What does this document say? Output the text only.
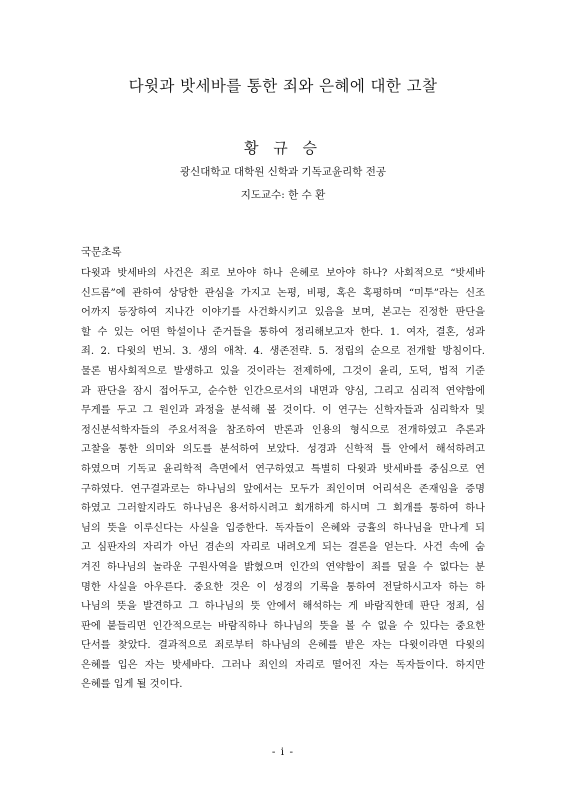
다윗과 밧세바를 통한 죄와 은혜에 대한 고찰
황 규 승
광신대학교 대학원 신학과 기독교윤리학 전공
지도교수: 한 수 환
국문초록
다윗과 밧세바의 사건은 죄로 보아야 하나 은혜로 보아야 하나? 사회적으로 “밧세바
신드롬”에 관하여 상당한 관심을 가지고 논평, 비평, 혹은 혹평하며 “미투”라는 신조
어까지 등장하여 지나간 이야기를 사건화시키고 있음을 보며, 본고는 진정한 판단을
할 수 있는 어떤 학설이나 준거들을 통하여 정리해보고자 한다. 1. 여자, 결혼, 성과
죄. 2. 다윗의 번뇌. 3. 생의 애착. 4. 생존전략. 5. 정립의 순으로 전개할 방침이다.
물론 범사회적으로 발생하고 있을 것이라는 전제하에, 그것이 윤리, 도덕, 법적 기준
과 판단을 잠시 접어두고, 순수한 인간으로서의 내면과 양심, 그리고 심리적 연약함에
무게를 두고 그 원인과 과정을 분석해 볼 것이다. 이 연구는 신학자들과 심리학자 및
정신분석학자들의 주요서적을 참조하여 반론과 인용의 형식으로 전개하였고 추론과
고찰을 통한 의미와 의도를 분석하여 보았다. 성경과 신학적 틀 안에서 해석하려고
하였으며 기독교 윤리학적 측면에서 연구하였고 특별히 다윗과 밧세바를 중심으로 연
구하였다. 연구결과로는 하나님의 앞에서는 모두가 죄인이며 어리석은 존재임을 증명
하였고 그러할지라도 하나님은 용서하시려고 회개하게 하시며 그 회개를 통하여 하나
님의 뜻을 이루신다는 사실을 입증한다. 독자들이 은혜와 긍휼의 하나님을 만나게 되
고 심판자의 자리가 아닌 겸손의 자리로 내려오게 되는 결론을 얻는다. 사건 속에 숨
겨진 하나님의 놀라운 구원사역을 밝혔으며 인간의 연약함이 죄를 덮을 수 없다는 분
명한 사실을 아우른다. 중요한 것은 이 성경의 기록을 통하여 전달하시고자 하는 하
나님의 뜻을 발견하고 그 하나님의 뜻 안에서 해석하는 게 바람직한데 판단 정죄, 심
판에 붙들리면 인간적으로는 바람직하나 하나님의 뜻을 볼 수 없을 수 있다는 중요한
단서를 찾았다. 결과적으로 죄로부터 하나님의 은혜를 받은 자는 다윗이라면 다윗의
은혜를 입은 자는 밧세바다. 그러나 죄인의 자리로 떨어진 자는 독자들이다. 하지만
은혜를 입게 될 것이다.
- i -
